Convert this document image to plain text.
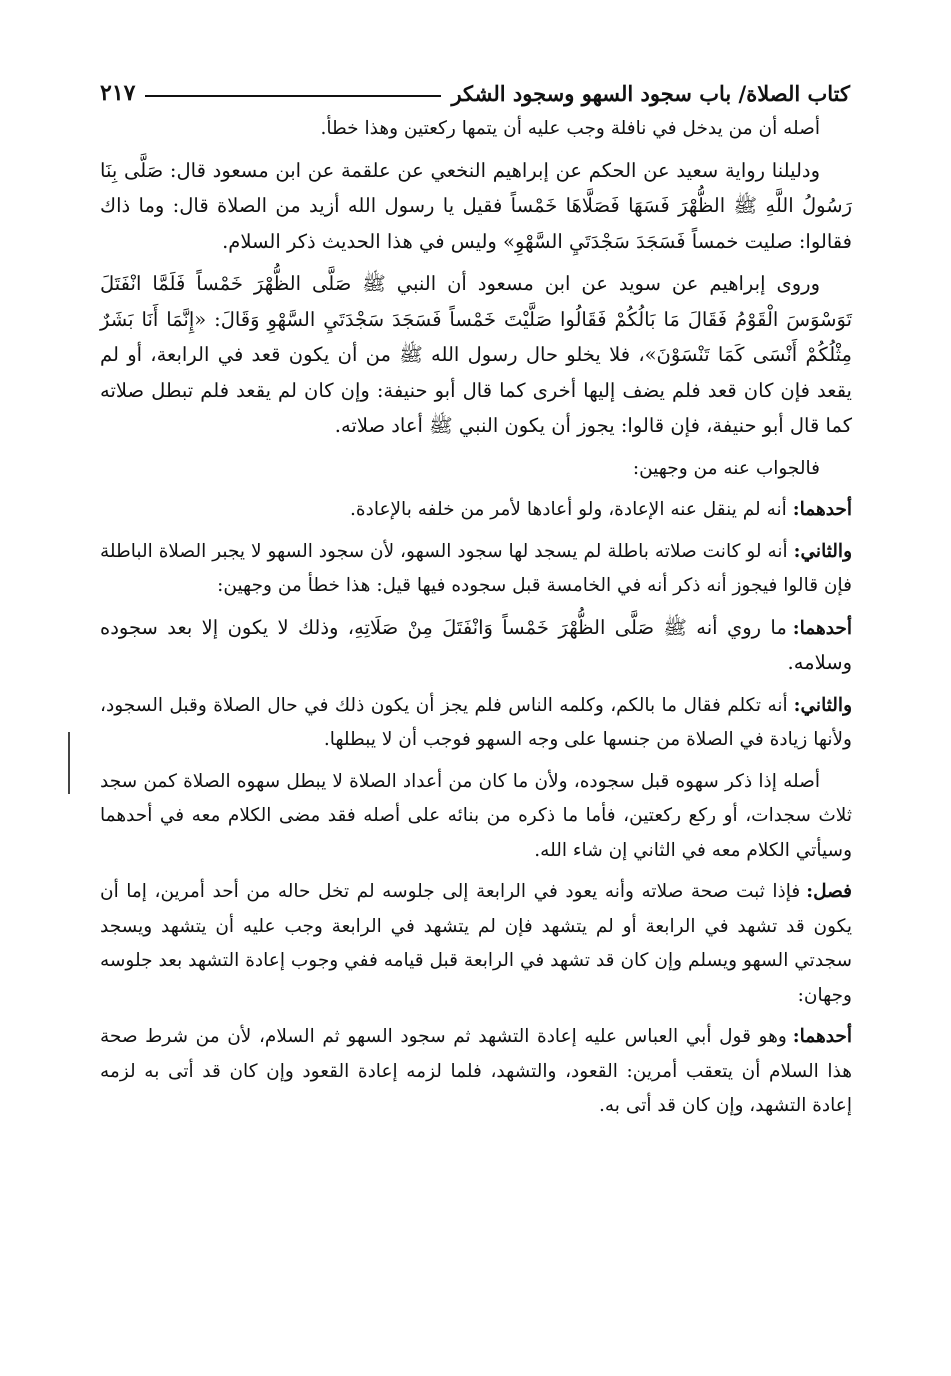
كتاب الصلاة/ باب سجود السهو وسجود الشكر
٢١٧

أصله أن من يدخل في نافلة وجب عليه أن يتمها ركعتين وهذا خطأ.

ودليلنا رواية سعيد عن الحكم عن إبراهيم النخعي عن علقمة عن ابن مسعود قال: صَلَّى بِنَا رَسُولُ اللَّهِ ﷺ الظُّهْرَ فَسَهَا فَصَلَّاهَا خَمْساً فقيل يا رسول الله أزيد من الصلاة قال: وما ذاك فقالوا: صليت خمساً فَسَجَدَ سَجْدَتَيِ السَّهْوِ» وليس في هذا الحديث ذكر السلام.

وروى إبراهيم عن سويد عن ابن مسعود أن النبي ﷺ صَلَّى الظُّهْرَ خَمْساً فَلَمَّا انْفَتَلَ تَوَسْوَسَ الْقَوْمُ فَقَالَ مَا بَالُكُمْ فَقَالُوا صَلَّيْتَ خَمْساً فَسَجَدَ سَجْدَتَيِ السَّهْوِ وَقَالَ: «إِنَّمَا أَنَا بَشَرٌ مِثْلُكُمْ أَنْسَى كَمَا تَنْسَوْنَ»، فلا يخلو حال رسول الله ﷺ من أن يكون قعد في الرابعة، أو لم يقعد فإن كان قعد فلم يضف إليها أخرى كما قال أبو حنيفة: وإن كان لم يقعد فلم تبطل صلاته كما قال أبو حنيفة، فإن قالوا: يجوز أن يكون النبي ﷺ أعاد صلاته.

فالجواب عنه من وجهين:

أحدهما:أنه لم ينقل عنه الإعادة، ولو أعادها لأمر من خلفه بالإعادة.

والثاني:أنه لو كانت صلاته باطلة لم يسجد لها سجود السهو، لأن سجود السهو لا يجبر الصلاة الباطلة فإن قالوا فيجوز أنه ذكر أنه في الخامسة قبل سجوده فيها قيل: هذا خطأ من وجهين:

أحدهما:ما روي أنه ﷺ صَلَّى الظُّهْرَ خَمْساً وَانْفَتَلَ مِنْ صَلَاتِهِ، وذلك لا يكون إلا بعد سجوده وسلامه.

والثاني:أنه تكلم فقال ما بالكم، وكلمه الناس فلم يجز أن يكون ذلك في حال الصلاة وقبل السجود، ولأنها زيادة في الصلاة من جنسها على وجه السهو فوجب أن لا يبطلها.

أصله إذا ذكر سهوه قبل سجوده، ولأن ما كان من أعداد الصلاة لا يبطل سهوه الصلاة كمن سجد ثلاث سجدات، أو ركع ركعتين، فأما ما ذكره من بنائه على أصله فقد مضى الكلام معه في أحدهما وسيأتي الكلام معه في الثاني إن شاء الله.

فصل:فإذا ثبت صحة صلاته وأنه يعود في الرابعة إلى جلوسه لم تخل حاله من أحد أمرين، إما أن يكون قد تشهد في الرابعة أو لم يتشهد فإن لم يتشهد في الرابعة وجب عليه أن يتشهد ويسجد سجدتي السهو ويسلم وإن كان قد تشهد في الرابعة قبل قيامه ففي وجوب إعادة التشهد بعد جلوسه وجهان:

أحدهما:وهو قول أبي العباس عليه إعادة التشهد ثم سجود السهو ثم السلام، لأن من شرط صحة هذا السلام أن يتعقب أمرين: القعود، والتشهد، فلما لزمه إعادة القعود وإن كان قد أتى به لزمه إعادة التشهد، وإن كان قد أتى به.
